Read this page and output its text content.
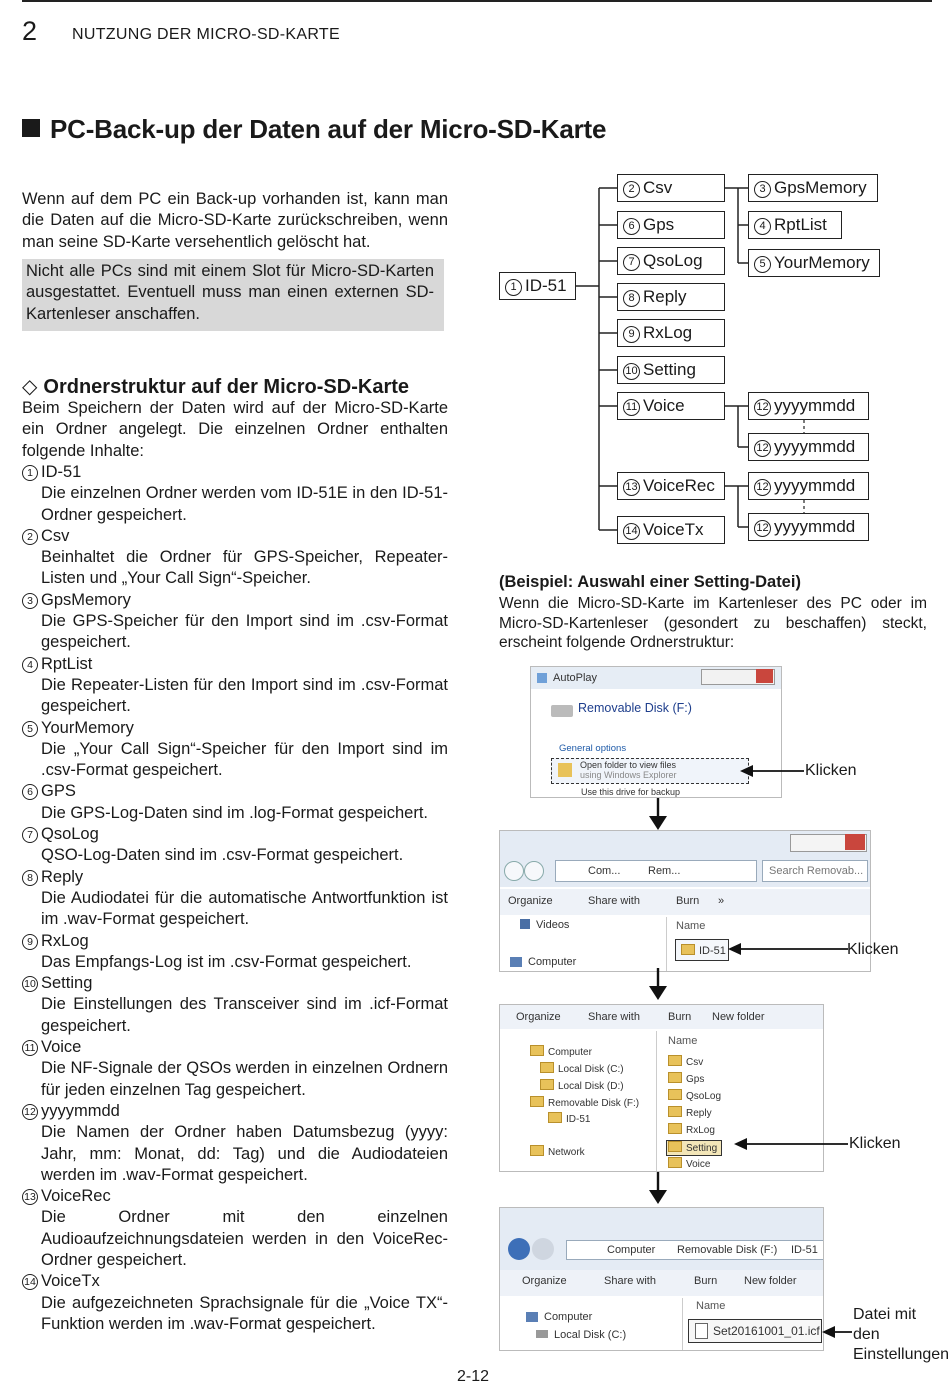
2 NUTZUNG DER MICRO-SD-KARTE
PC-Back-up der Daten auf der Micro-SD-Karte
Wenn auf dem PC ein Back-up vorhanden ist, kann man die Daten auf die Micro-SD-Karte zurückschreiben, wenn man seine SD-Karte versehentlich gelöscht hat.
Nicht alle PCs sind mit einem Slot für Micro-SD-Karten ausgestattet. Eventuell muss man einen externen SD-Kartenleser anschaffen.
◇ Ordnerstruktur auf der Micro-SD-Karte
Beim Speichern der Daten wird auf der Micro-SD-Karte ein Ordner angelegt. Die einzelnen Ordner enthalten folgende Inhalte:
1 ID-51
Die einzelnen Ordner werden vom ID-51E in den ID-51-Ordner gespeichert.
2 Csv
Beinhaltet die Ordner für GPS-Speicher, Repeater-Listen und „Your Call Sign“-Speicher.
3 GpsMemory
Die GPS-Speicher für den Import sind im .csv-Format gespeichert.
4 RptList
Die Repeater-Listen für den Import sind im .csv-Format gespeichert.
5 YourMemory
Die „Your Call Sign“-Speicher für den Import sind im .csv-Format gespeichert.
6 GPS
Die GPS-Log-Daten sind im .log-Format gespeichert.
7 QsoLog
QSO-Log-Daten sind im .csv-Format gespeichert.
8 Reply
Die Audiodatei für die automatische Antwortfunktion ist im .wav-Format gespeichert.
9 RxLog
Das Empfangs-Log ist im .csv-Format gespeichert.
10 Setting
Die Einstellungen des Transceiver sind im .icf-Format gespeichert.
11 Voice
Die NF-Signale der QSOs werden in einzelnen Ordnern für jeden einzelnen Tag gespeichert.
12 yyyymmdd
Die Namen der Ordner haben Datumsbezug (yyyy: Jahr, mm: Monat, dd: Tag) und die Audiodateien werden im .wav-Format gespeichert.
13 VoiceRec
Die Ordner mit den einzelnen Audioaufzeichnungsdateien werden in den VoiceRec-Ordner gespeichert.
14 VoiceTx
Die aufgezeichneten Sprachsignale für die „Voice TX“-Funktion werden im .wav-Format gespeichert.
1 ID-51
2 Csv
6 Gps
7 QsoLog
8 Reply
9 RxLog
10 Setting
11 Voice
13 VoiceRec
14 VoiceTx
3 GpsMemory
4 RptList
5 YourMemory
12 yyyymmdd
12 yyyymmdd
12 yyyymmdd
12 yyyymmdd
(Beispiel: Auswahl einer Setting-Datei)
Wenn die Micro-SD-Karte im Kartenleser des PC oder im Micro-SD-Kartenleser (gesondert zu beschaffen) steckt, erscheint folgende Ordnerstruktur:
AutoPlay
Removable Disk (F:)
General options
Open folder to view files
using Windows Explorer
Use this drive for backup
Klicken
Com...	Rem...	Search Removab...
Organize	Share with	Burn »
Videos
Computer
Name
ID-51	Klicken
Organize Share with	Burn New folder
Computer
Local Disk (C:)
Local Disk (D:)
Removable Disk (F:)
ID-51
Network
Name
Csv
Gps
QsoLog
Reply
RxLog
Setting
Voice
Klicken
Computer Removable Disk (F:) ID-51
Organize	Share with	Burn New folder
Computer
Local Disk (C:)
Name
Set20161001_01.icf
Datei mit den Einstellungen
2-12
